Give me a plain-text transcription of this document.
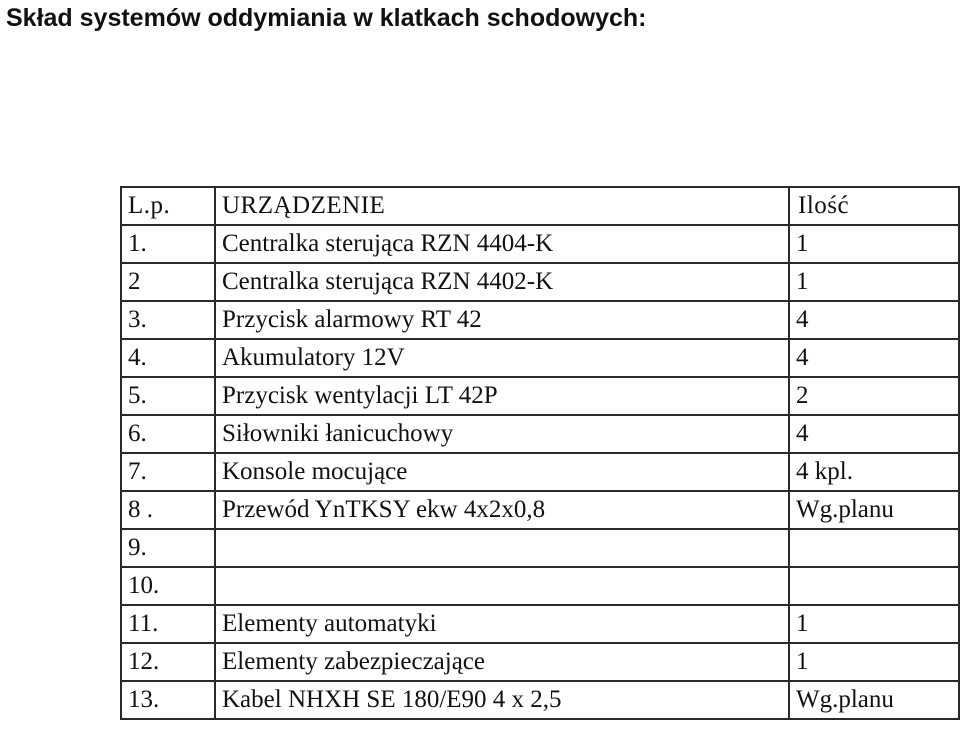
Skład systemów oddymiania w klatkach schodowych:
L.p.	URZĄDZENIE	Ilość
1.	Centralka sterująca RZN 4404-K	1
2	Centralka sterująca RZN 4402-K	1
3.	Przycisk alarmowy RT 42	4
4.	Akumulatory 12V	4
5.	Przycisk wentylacji LT 42P	2
6.	Siłowniki łanicuchowy	4
7.	Konsole mocujące	4 kpl.
8 .	Przewód YnTKSY ekw 4x2x0,8	Wg.planu
9.		
10.		
11.	Elementy automatyki	1
12.	Elementy zabezpieczające	1
13.	Kabel NHXH SE 180/E90 4 x 2,5	Wg.planu
